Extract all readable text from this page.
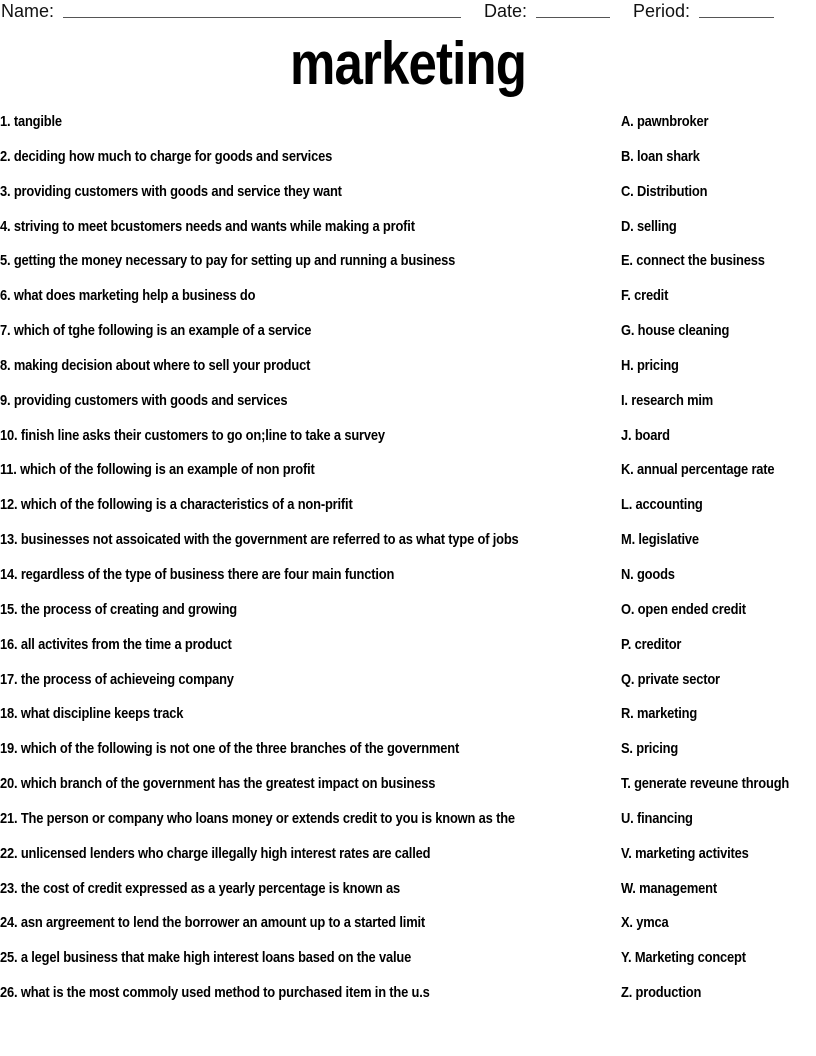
Name:	Date:	Period:
marketing
1. tangible
2. deciding how much to charge for goods and services
3. providing customers with goods and service they want
4. striving to meet bcustomers needs and wants while making a profit
5. getting the money necessary to pay for setting up and running a business
6. what does marketing help a business do
7. which of tghe following is an example of a service
8. making decision about where to sell your product
9. providing customers with goods and services
10. finish line asks their customers to go on;line to take a survey
11. which of the following is an example of non profit
12. which of the following is a characteristics of a non-prifit
13. businesses not assoicated with the government are referred to as what type of jobs
14. regardless of the type of business there are four main function
15. the process of creating and growing
16. all activites from the time a product
17. the process of achieveing company
18. what discipline keeps track
19. which of the following is not one of the three branches of the government
20. which branch of the government has the greatest impact on business
21. The person or company who loans money or extends credit to you is known as the
22. unlicensed lenders who charge illegally high interest rates are called
23. the cost of credit expressed as a yearly percentage is known as
24. asn argreement to lend the borrower an amount up to a started limit
25. a legel business that make high interest loans based on the value
26. what is the most commoly used method to purchased item in the u.s
A. pawnbroker
B. loan shark
C. Distribution
D. selling
E. connect the business
F. credit
G. house cleaning
H. pricing
I. research mim
J. board
K. annual percentage rate
L. accounting
M. legislative
N. goods
O. open ended credit
P. creditor
Q. private sector
R. marketing
S. pricing
T. generate reveune through
U. financing
V. marketing activites
W. management
X. ymca
Y. Marketing concept
Z. production
